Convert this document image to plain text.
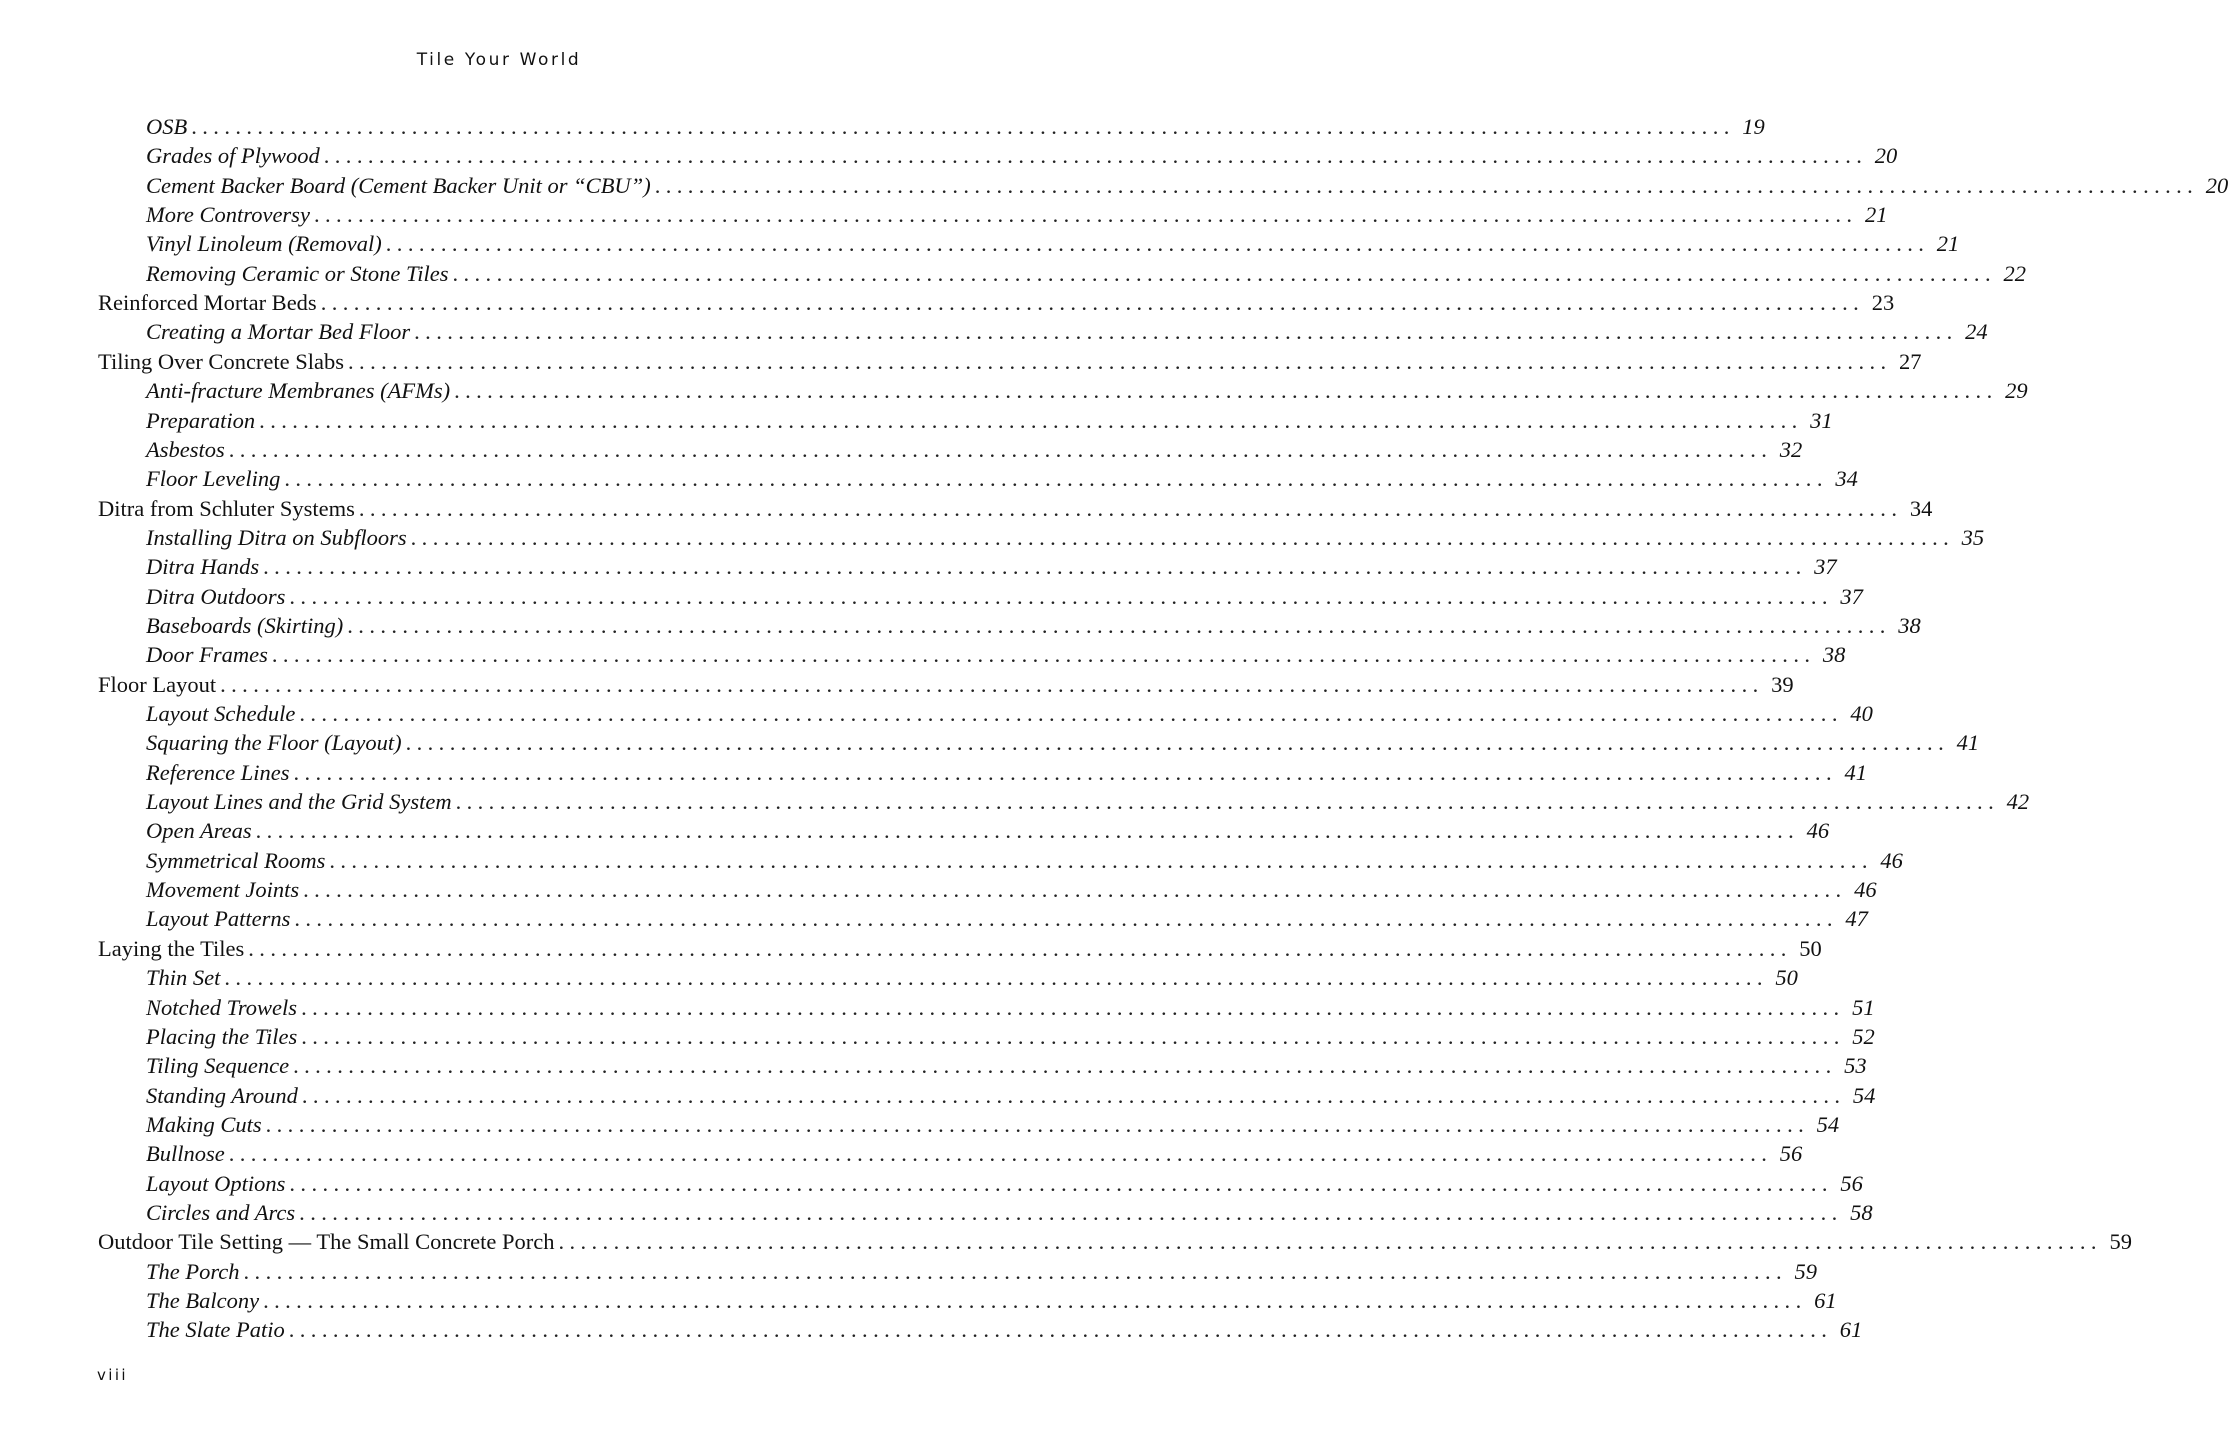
Tile Your World
OSB ............................................................................................................................................ 19
Grades of Plywood ............................................................................................................................................ 20
Cement Backer Board (Cement Backer Unit or “CBU”) ............................................................................................................................................ 20
More Controversy ............................................................................................................................................ 21
Vinyl Linoleum (Removal) ............................................................................................................................................ 21
Removing Ceramic or Stone Tiles ............................................................................................................................................ 22
Reinforced Mortar Beds ............................................................................................................................................ 23
Creating a Mortar Bed Floor ............................................................................................................................................ 24
Tiling Over Concrete Slabs ............................................................................................................................................ 27
Anti-fracture Membranes (AFMs) ............................................................................................................................................ 29
Preparation ............................................................................................................................................ 31
Asbestos ............................................................................................................................................ 32
Floor Leveling ............................................................................................................................................ 34
Ditra from Schluter Systems ............................................................................................................................................ 34
Installing Ditra on Subfloors ............................................................................................................................................ 35
Ditra Hands ............................................................................................................................................ 37
Ditra Outdoors ............................................................................................................................................ 37
Baseboards (Skirting) ............................................................................................................................................ 38
Door Frames ............................................................................................................................................ 38
Floor Layout ............................................................................................................................................ 39
Layout Schedule ............................................................................................................................................ 40
Squaring the Floor (Layout) ............................................................................................................................................ 41
Reference Lines ............................................................................................................................................ 41
Layout Lines and the Grid System ............................................................................................................................................ 42
Open Areas ............................................................................................................................................ 46
Symmetrical Rooms ............................................................................................................................................ 46
Movement Joints ............................................................................................................................................ 46
Layout Patterns ............................................................................................................................................ 47
Laying the Tiles ............................................................................................................................................ 50
Thin Set ............................................................................................................................................ 50
Notched Trowels ............................................................................................................................................ 51
Placing the Tiles ............................................................................................................................................ 52
Tiling Sequence ............................................................................................................................................ 53
Standing Around ............................................................................................................................................ 54
Making Cuts ............................................................................................................................................ 54
Bullnose ............................................................................................................................................ 56
Layout Options ............................................................................................................................................ 56
Circles and Arcs ............................................................................................................................................ 58
Outdoor Tile Setting — The Small Concrete Porch ............................................................................................................................................ 59
The Porch ............................................................................................................................................ 59
The Balcony ............................................................................................................................................ 61
The Slate Patio ............................................................................................................................................ 61
viii
